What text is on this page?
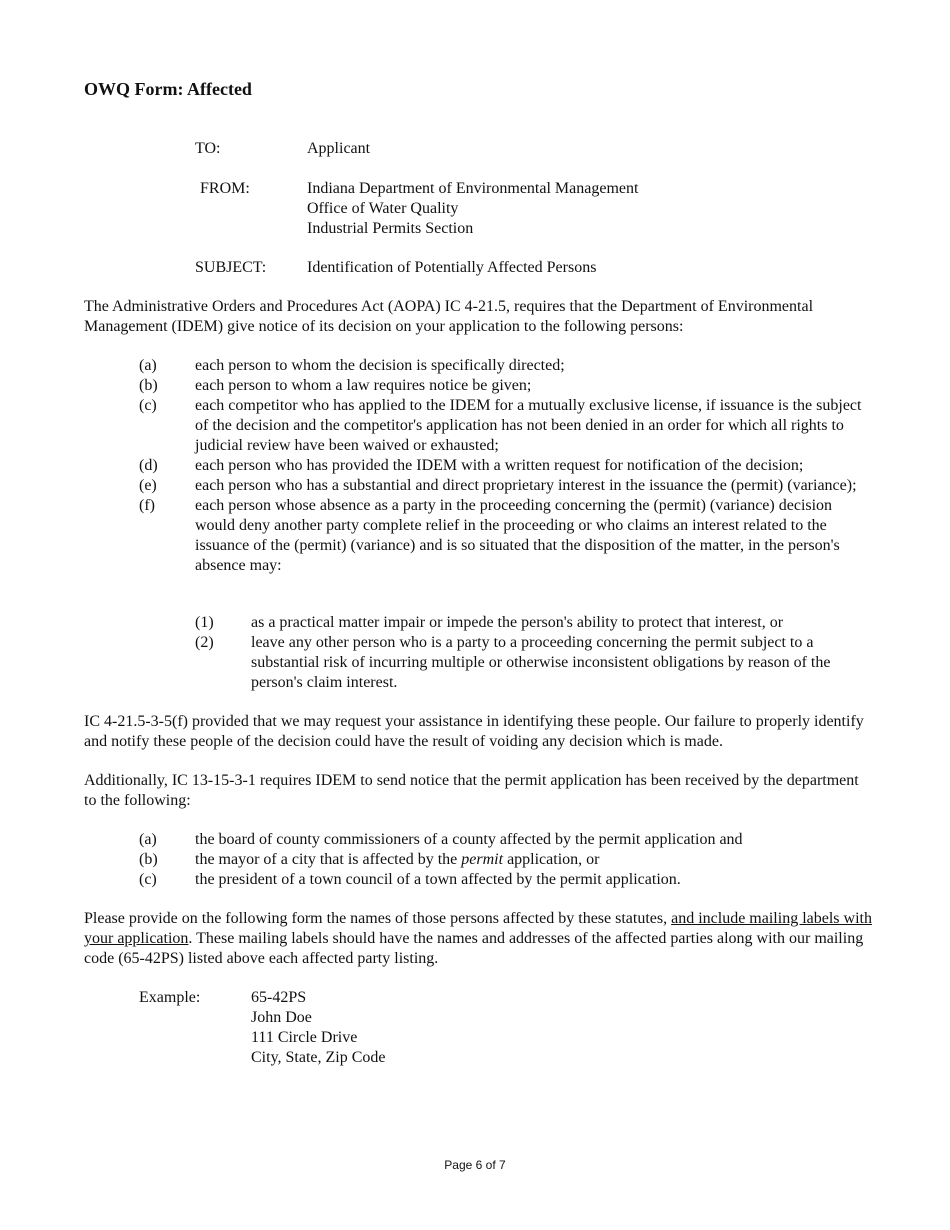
OWQ Form: Affected
TO:	Applicant
FROM:	Indiana Department of Environmental Management
Office of Water Quality
Industrial Permits Section
SUBJECT:	Identification of Potentially Affected Persons
The Administrative Orders and Procedures Act (AOPA) IC 4-21.5, requires that the Department of Environmental Management (IDEM) give notice of its decision on your application to the following persons:
(a)	each person to whom the decision is specifically directed;
(b)	each person to whom a law requires notice be given;
(c)	each competitor who has applied to the IDEM for a mutually exclusive license, if issuance is the subject of the decision and the competitor's application has not been denied in an order for which all rights to judicial review have been waived or exhausted;
(d)	each person who has provided the IDEM with a written request for notification of the decision;
(e)	each person who has a substantial and direct proprietary interest in the issuance the (permit) (variance);
(f)	each person whose absence as a party in the proceeding concerning the (permit) (variance) decision would deny another party complete relief in the proceeding or who claims an interest related to the issuance of the (permit) (variance) and is so situated that the disposition of the matter, in the person's absence may:
(1)	as a practical matter impair or impede the person's ability to protect that interest, or
(2)	leave any other person who is a party to a proceeding concerning the permit subject to a substantial risk of incurring multiple or otherwise inconsistent obligations by reason of the person's claim interest.
IC 4-21.5-3-5(f) provided that we may request your assistance in identifying these people. Our failure to properly identify and notify these people of the decision could have the result of voiding any decision which is made.
Additionally, IC 13-15-3-1 requires IDEM to send notice that the permit application has been received by the department to the following:
(a)	the board of county commissioners of a county affected by the permit application and
(b)	the mayor of a city that is affected by the permit application, or
(c)	the president of a town council of a town affected by the permit application.
Please provide on the following form the names of those persons affected by these statutes, and include mailing labels with your application. These mailing labels should have the names and addresses of the affected parties along with our mailing code (65-42PS) listed above each affected party listing.
Example:	65-42PS
John Doe
111 Circle Drive
City, State, Zip Code
Page 6 of 7
